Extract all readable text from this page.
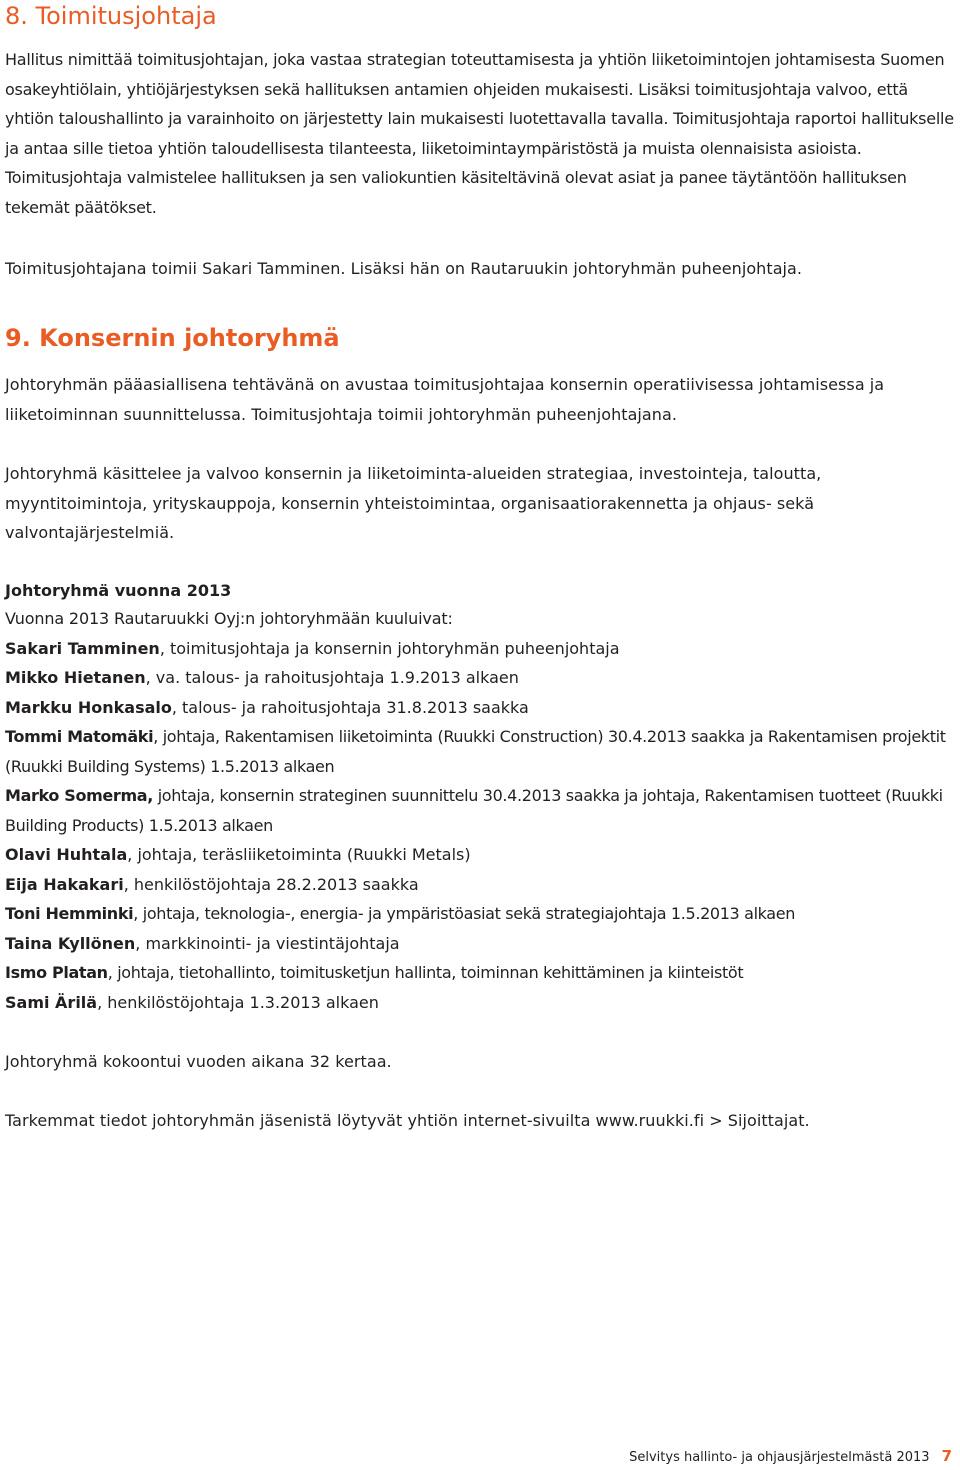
8. Toimitusjohtaja

Hallitus nimittää toimitusjohtajan, joka vastaa strategian toteuttamisesta ja yhtiön liiketoimintojen johtamisesta Suomen osakeyhtiölain, yhtiöjärjestyksen sekä hallituksen antamien ohjeiden mukaisesti. Lisäksi toimitusjohtaja valvoo, että yhtiön taloushallinto ja varainhoito on järjestetty lain mukaisesti luotettavalla tavalla. Toimitusjohtaja raportoi hallitukselle ja antaa sille tietoa yhtiön taloudellisesta tilanteesta, liiketoimintaympäristöstä ja muista olennaisista asioista. Toimitusjohtaja valmistelee hallituksen ja sen valiokuntien käsiteltävinä olevat asiat ja panee täytäntöön hallituksen tekemät päätökset.

Toimitusjohtajana toimii Sakari Tamminen. Lisäksi hän on Rautaruukin johtoryhmän puheenjohtaja.

9. Konsernin johtoryhmä

Johtoryhmän pääasiallisena tehtävänä on avustaa toimitusjohtajaa konsernin operatiivisessa johtamisessa ja liiketoiminnan suunnittelussa. Toimitusjohtaja toimii johtoryhmän puheenjohtajana.

Johtoryhmä käsittelee ja valvoo konsernin ja liiketoiminta-alueiden strategiaa, investointeja, taloutta, myyntitoimintoja, yrityskauppoja, konsernin yhteistoimintaa, organisaatiorakennetta ja ohjaus- sekä valvontajärjestelmiä.

Johtoryhmä vuonna 2013

Vuonna 2013 Rautaruukki Oyj:n johtoryhmään kuuluivat:
Sakari Tamminen, toimitusjohtaja ja konsernin johtoryhmän puheenjohtaja
Mikko Hietanen, va. talous- ja rahoitusjohtaja 1.9.2013 alkaen
Markku Honkasalo, talous- ja rahoitusjohtaja 31.8.2013 saakka
Tommi Matomäki, johtaja, Rakentamisen liiketoiminta (Ruukki Construction) 30.4.2013 saakka ja Rakentamisen projektit (Ruukki Building Systems) 1.5.2013 alkaen
Marko Somerma, johtaja, konsernin strateginen suunnittelu 30.4.2013 saakka ja johtaja, Rakentamisen tuotteet (Ruukki Building Products) 1.5.2013 alkaen
Olavi Huhtala, johtaja, teräsliiketoiminta (Ruukki Metals)
Eija Hakakari, henkilöstöjohtaja 28.2.2013 saakka
Toni Hemminki, johtaja, teknologia-, energia- ja ympäristöasiat sekä strategiajohtaja 1.5.2013 alkaen
Taina Kyllönen, markkinointi- ja viestintäjohtaja
Ismo Platan, johtaja, tietohallinto, toimitusketjun hallinta, toiminnan kehittäminen ja kiinteistöt
Sami Ärilä, henkilöstöjohtaja 1.3.2013 alkaen

Johtoryhmä kokoontui vuoden aikana 32 kertaa.

Tarkemmat tiedot johtoryhmän jäsenistä löytyvät yhtiön internet-sivuilta www.ruukki.fi > Sijoittajat.

Selvitys hallinto- ja ohjausjärjestelmästä 2013 7
